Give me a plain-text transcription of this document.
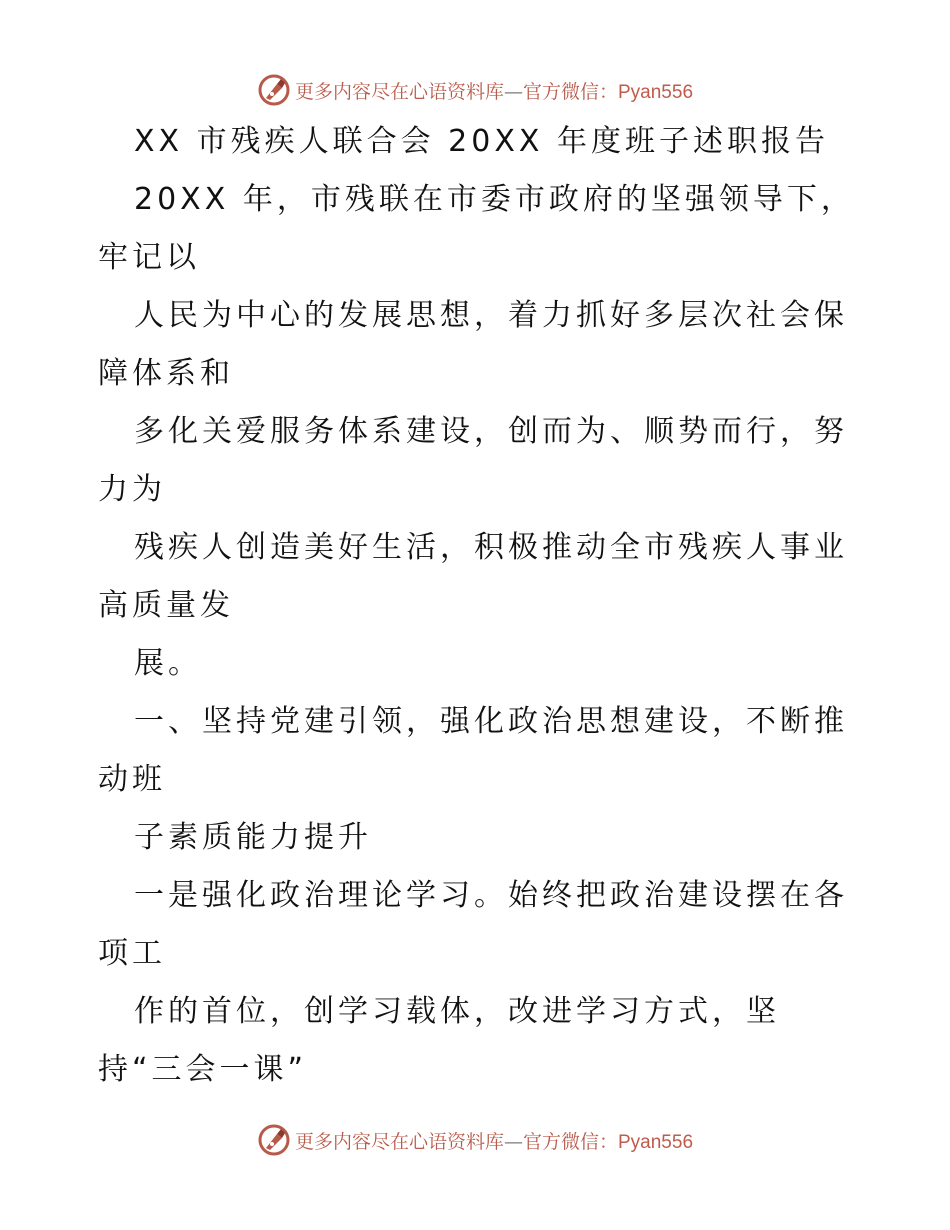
更多内容尽在心语资料库—官方微信：Pyan556
XX 市残疾人联合会 20XX 年度班子述职报告
20XX 年，市残联在市委市政府的坚强领导下，
牢记以
人民为中心的发展思想，着力抓好多层次社会保
障体系和
多化关爱服务体系建设，创而为、顺势而行，努
力为
残疾人创造美好生活，积极推动全市残疾人事业
高质量发
展。
一、坚持党建引领，强化政治思想建设，不断推
动班
子素质能力提升
一是强化政治理论学习。始终把政治建设摆在各
项工
作的首位，创学习载体，改进学习方式，坚
持“三会一课”
更多内容尽在心语资料库—官方微信：Pyan556
